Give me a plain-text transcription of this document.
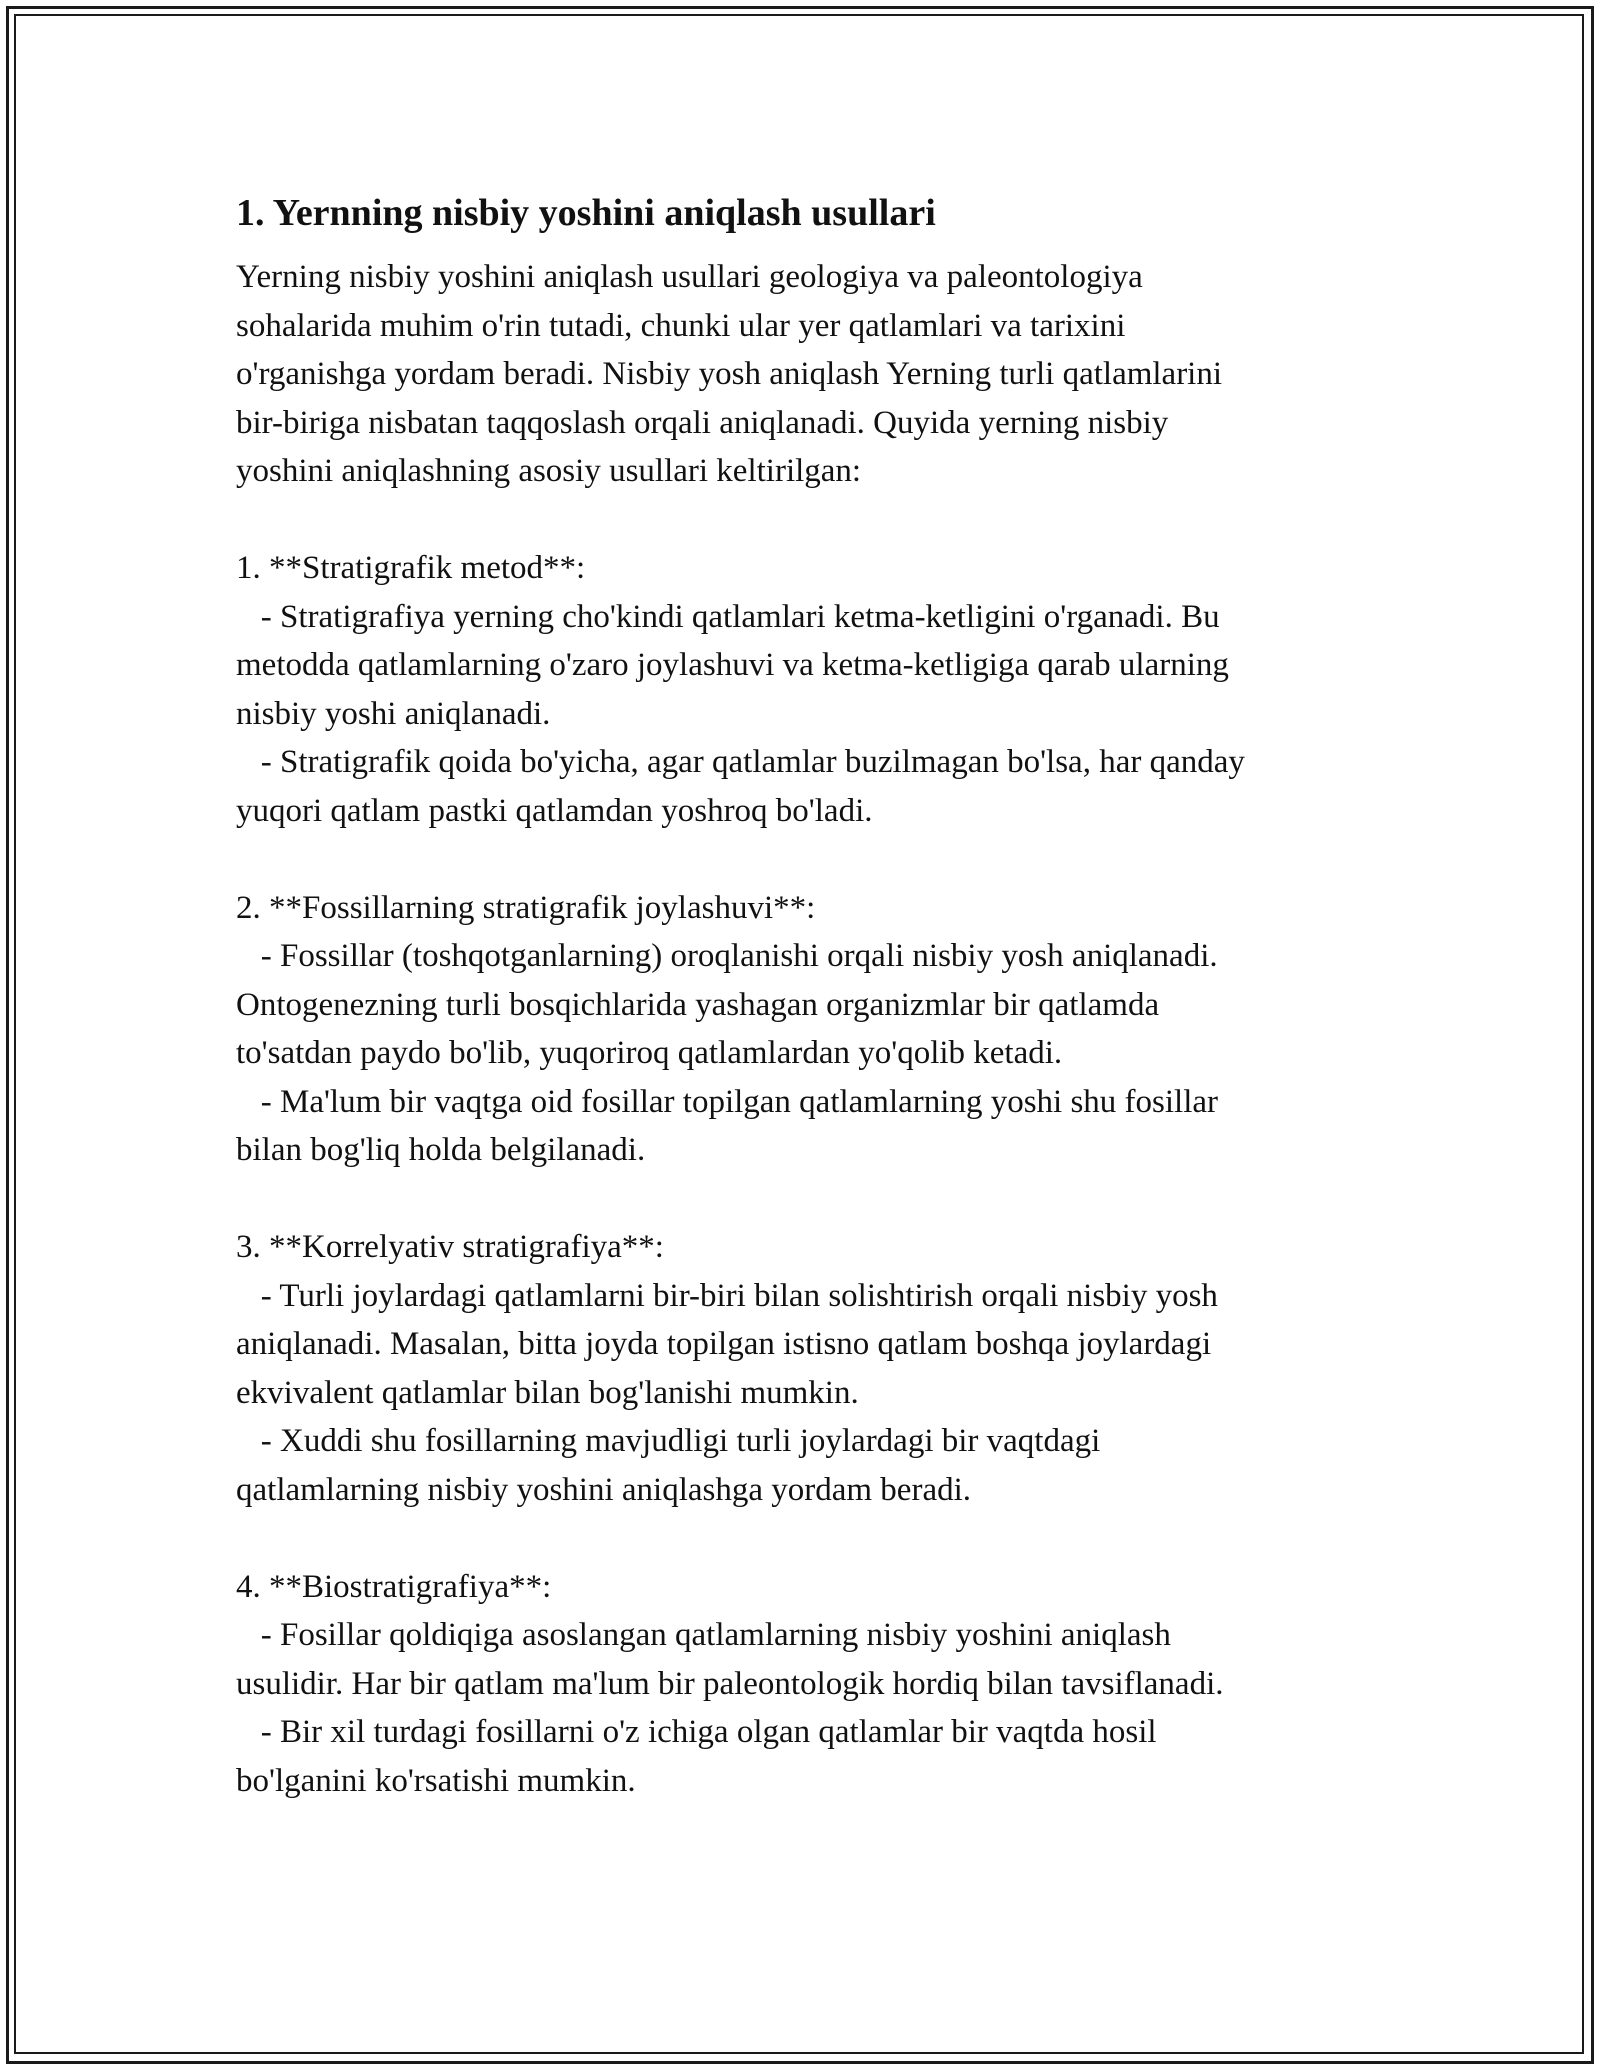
1. Yernning nisbiy yoshini aniqlash usullari

Yerning nisbiy yoshini aniqlash usullari geologiya va paleontologiya

sohalarida muhim o'rin tutadi, chunki ular yer qatlamlari va tarixini

o'rganishga yordam beradi. Nisbiy yosh aniqlash Yerning turli qatlamlarini

bir-biriga nisbatan taqqoslash orqali aniqlanadi. Quyida yerning nisbiy

yoshini aniqlashning asosiy usullari keltirilgan:

1. **Stratigrafik metod**:

- Stratigrafiya yerning cho'kindi qatlamlari ketma-ketligini o'rganadi. Bu

metodda qatlamlarning o'zaro joylashuvi va ketma-ketligiga qarab ularning

nisbiy yoshi aniqlanadi.

- Stratigrafik qoida bo'yicha, agar qatlamlar buzilmagan bo'lsa, har qanday

yuqori qatlam pastki qatlamdan yoshroq bo'ladi.

2. **Fossillarning stratigrafik joylashuvi**:

- Fossillar (toshqotganlarning) oroqlanishi orqali nisbiy yosh aniqlanadi.

Ontogenezning turli bosqichlarida yashagan organizmlar bir qatlamda

to'satdan paydo bo'lib, yuqoriroq qatlamlardan yo'qolib ketadi.

- Ma'lum bir vaqtga oid fosillar topilgan qatlamlarning yoshi shu fosillar

bilan bog'liq holda belgilanadi.

3. **Korrelyativ stratigrafiya**:

- Turli joylardagi qatlamlarni bir-biri bilan solishtirish orqali nisbiy yosh

aniqlanadi. Masalan, bitta joyda topilgan istisno qatlam boshqa joylardagi

ekvivalent qatlamlar bilan bog'lanishi mumkin.

- Xuddi shu fosillarning mavjudligi turli joylardagi bir vaqtdagi

qatlamlarning nisbiy yoshini aniqlashga yordam beradi.

4. **Biostratigrafiya**:

- Fosillar qoldiqiga asoslangan qatlamlarning nisbiy yoshini aniqlash

usulidir. Har bir qatlam ma'lum bir paleontologik hordiq bilan tavsiflanadi.

- Bir xil turdagi fosillarni o'z ichiga olgan qatlamlar bir vaqtda hosil

bo'lganini ko'rsatishi mumkin.
